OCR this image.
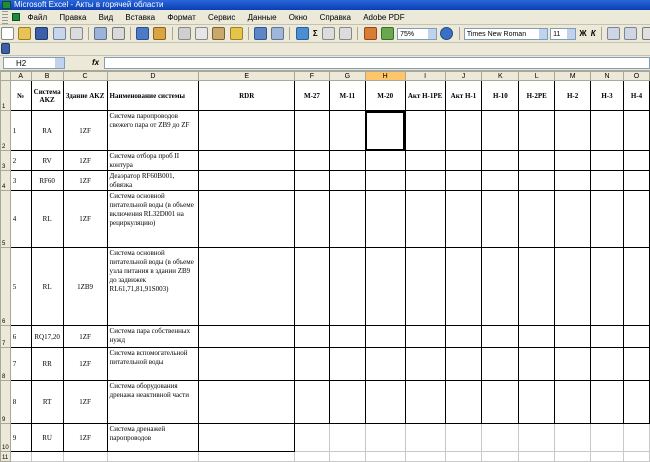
Microsoft Excel - Акты в горячей области
Файл Правка Вид Вставка Формат Сервис Данные Окно Справка Adobe PDF
Σ	75%	Times New Roman	11 Ж К
H2	fx
	A	B	C	D	E	F	G	H	I	J	K	L	M	N	O
1	№	Система AKZ	Здание AKZ	Наименование системы	RDR	M-27	M-11	M-20	Акт H-1РЕ	Акт H-1	H-10	H-2РЕ	H-2	H-3	H-4
2	1	RA	1ZF	Система паропроводов свежего пара от ZB9 до ZF											
3	2	RV	1ZF	Система отбора проб II контура											
4	3	RF60	1ZF	Деаэратор RF60B001, обвязка											
5	4	RL	1ZF	Система основной питательной воды (в объеме включения RL32D001 на рециркуляцию)											
6	5	RL	1ZB9	Система основной питательной воды (в объеме узла питания в здании ZB9 до задвижек RL61,71,81,91S003)											
7	6	RQ17,20	1ZF	Система пара собственных нужд											
8	7	RR	1ZF	Система вспомогательной питательной воды											
9	8	RT	1ZF	Система оборудования дренажа неактивной части											
10	9	RU	1ZF	Система дренажей паропроводов											
11															
